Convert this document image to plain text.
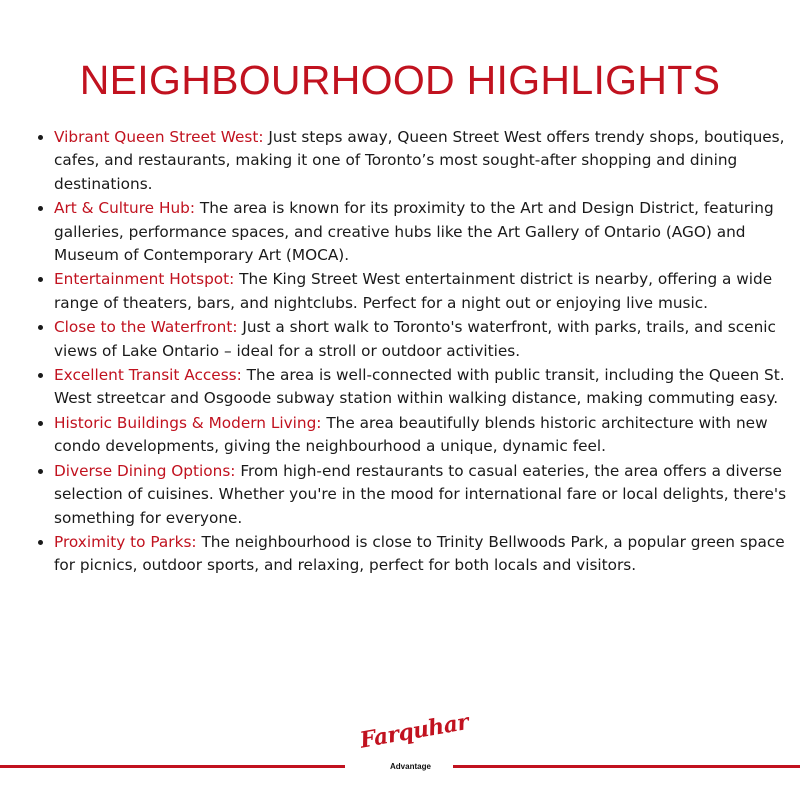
NEIGHBOURHOOD HIGHLIGHTS
• Vibrant Queen Street West: Just steps away, Queen Street West offers trendy shops, boutiques, cafes, and restaurants, making it one of Toronto’s most sought-after shopping and dining destinations.
• Art & Culture Hub: The area is known for its proximity to the Art and Design District, featuring galleries, performance spaces, and creative hubs like the Art Gallery of Ontario (AGO) and Museum of Contemporary Art (MOCA).
• Entertainment Hotspot: The King Street West entertainment district is nearby, offering a wide range of theaters, bars, and nightclubs. Perfect for a night out or enjoying live music.
• Close to the Waterfront: Just a short walk to Toronto's waterfront, with parks, trails, and scenic views of Lake Ontario – ideal for a stroll or outdoor activities.
• Excellent Transit Access: The area is well-connected with public transit, including the Queen St. West streetcar and Osgoode subway station within walking distance, making commuting easy.
• Historic Buildings & Modern Living: The area beautifully blends historic architecture with new condo developments, giving the neighbourhood a unique, dynamic feel.
• Diverse Dining Options: From high-end restaurants to casual eateries, the area offers a diverse selection of cuisines. Whether you're in the mood for international fare or local delights, there's something for everyone.
• Proximity to Parks: The neighbourhood is close to Trinity Bellwoods Park, a popular green space for picnics, outdoor sports, and relaxing, perfect for both locals and visitors.
Farquhar
Advantage
